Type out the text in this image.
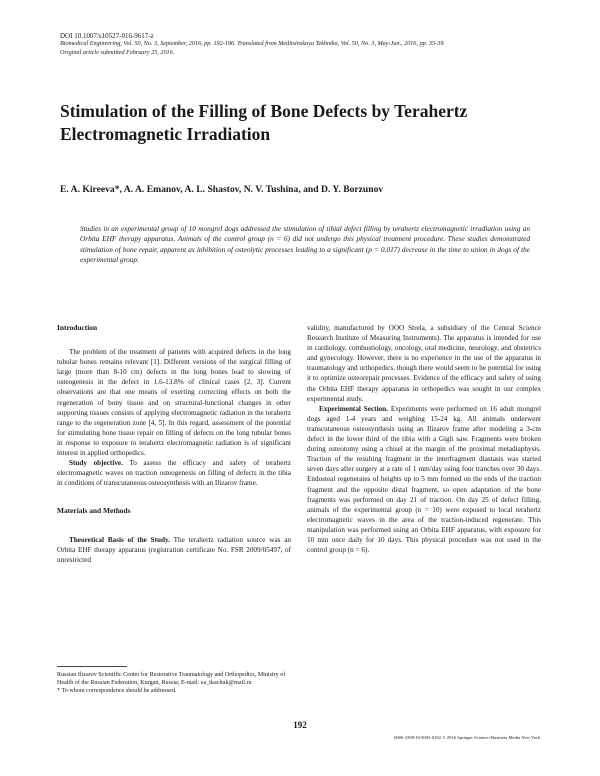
DOI 10.1007/s10527-016-9617-z
Biomedical Engineering, Vol. 50, No. 3, September, 2016, pp. 192-196. Translated from Meditsinskaya Tekhnika, Vol. 50, No. 3, May-Jun., 2016, pp. 35-39.
Original article submitted February 25, 2016.
Stimulation of the Filling of Bone Defects by Terahertz
Electromagnetic Irradiation
E. A. Kireeva*, A. A. Emanov, A. L. Shastov, N. V. Tushina, and D. Y. Borzunov
Studies in an experimental group of 10 mongrel dogs addressed the stimulation of tibial defect filling by terahertz electromagnetic irradiation using an Orbita EHF therapy apparatus. Animals of the control group (n = 6) did not undergo this physical treatment procedure. These studies demonstrated stimulation of bone repair, apparent as inhibition of osteolytic processes leading to a significant (p = 0.017) decrease in the time to union in dogs of the experimental group.

Introduction

The problem of the treatment of patients with acquired defects in the long tubular bones remains relevant [1]. Different versions of the surgical filling of large (more than 8-10 cm) defects in the long bones lead to slowing of osteogenesis in the defect in 1.6-13.8% of clinical cases [2, 3]. Current observations are that one means of exerting correcting effects on both the regeneration of bony tissue and on structural-functional changes in other supporting tissues consists of applying electromagnetic radiation in the terahertz range to the regeneration zone [4, 5]. In this regard, assessment of the potential for stimulating bone tissue repair on filling of defects on the long tubular bones in response to exposure to terahertz electromagnetic radiation is of significant interest in applied orthopedics.

Study objective. To assess the efficacy and safety of terahertz electromagnetic waves on traction osteogenesis on filling of defects in the tibia in conditions of transcutaneous osteosynthesis with an Ilizarov frame.

Materials and Methods

Theoretical Basis of the Study. The terahertz radiation source was an Orbita EHF therapy apparatus (registration certificate No. FSR 2009/05497, of unrestricted

validity, manufactured by OOO Strela, a subsidiary of the Central Science Research Institute of Measuring Instruments). The apparatus is intended for use in cardiology, combustiology, oncology, oral medicine, neurology, and obstetrics and gynecology. However, there is no experience in the use of the apparatus in traumatology and orthopedics, though there would seem to be potential for using it to optimize osteorepair processes. Evidence of the efficacy and safety of using the Orbita EHF therapy apparatus in orthopedics was sought in our complex experimental study.

Experimental Section. Experiments were performed on 16 adult mongrel dogs aged 1-4 years and weighing 15-24 kg. All animals underwent transcutaneous osteosynthesis using an Ilizarov frame after modeling a 3-cm defect in the lower third of the tibia with a Gigli saw. Fragments were broken during osteotomy using a chisel at the margin of the proximal metadiaphysis. Traction of the resulting fragment in the interfragment diastasis was started seven days after surgery at a rate of 1 mm/day using four tranches over 30 days. Endosteal regenerates of heights up to 5 mm formed on the ends of the traction fragment and the opposite distal fragment, so open adaptation of the bone fragments was performed on day 21 of traction. On day 25 of defect filling, animals of the experimental group (n = 10) were exposed to local terahertz electromagnetic waves in the area of the traction-induced regenerate. This manipulation was performed using an Orbita EHF apparatus, with exposure for 10 min once daily for 10 days. This physical procedure was not used in the control group (n = 6).

Russian Ilizarov Scientific Center for Restorative Traumatology and Orthopedics, Ministry of Health of the Russian Federation, Kurgan, Russia; E-mail: ea_tkachuk@mail.ru
* To whom correspondence should be addressed.
192
0006-3398/16/5003-0192 © 2016 Springer Science+Business Media New York
